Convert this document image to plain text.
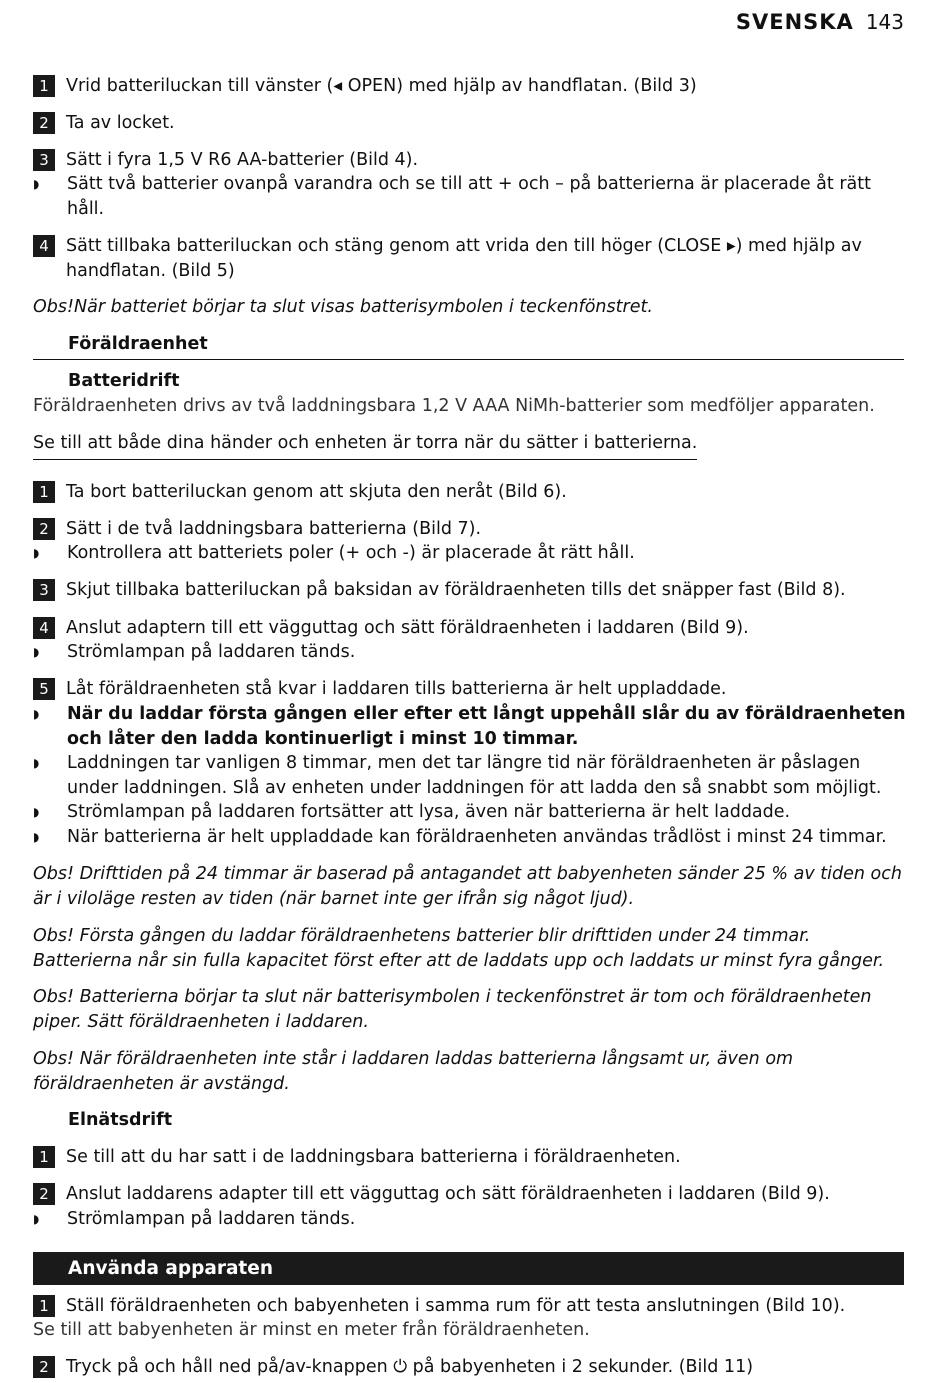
SVENSKA 143
1 Vrid batteriluckan till vänster (◂ OPEN) med hjälp av handflatan. (Bild 3)
2 Ta av locket.
3 Sätt i fyra 1,5 V R6 AA-batterier (Bild 4).
◗	Sätt två batterier ovanpå varandra och se till att + och – på batterierna är placerade åt rätt håll.
4 Sätt tillbaka batteriluckan och stäng genom att vrida den till höger (CLOSE ▸) med hjälp av handflatan. (Bild 5)
Obs!När batteriet börjar ta slut visas batterisymbolen i teckenfönstret.
Föräldraenhet
Batteridrift
Föräldraenheten drivs av två laddningsbara 1,2 V AAA NiMh-batterier som medföljer apparaten.
Se till att både dina händer och enheten är torra när du sätter i batterierna.
1 Ta bort batteriluckan genom att skjuta den neråt (Bild 6).
2 Sätt i de två laddningsbara batterierna (Bild 7).
◗	Kontrollera att batteriets poler (+ och -) är placerade åt rätt håll.
3 Skjut tillbaka batteriluckan på baksidan av föräldraenheten tills det snäpper fast (Bild 8).
4 Anslut adaptern till ett vägguttag och sätt föräldraenheten i laddaren (Bild 9).
◗	Strömlampan på laddaren tänds.
5 Låt föräldraenheten stå kvar i laddaren tills batterierna är helt uppladdade.
◗	När du laddar första gången eller efter ett långt uppehåll slår du av föräldraenheten och låter den ladda kontinuerligt i minst 10 timmar.
◗	Laddningen tar vanligen 8 timmar, men det tar längre tid när föräldraenheten är påslagen under laddningen. Slå av enheten under laddningen för att ladda den så snabbt som möjligt.
◗	Strömlampan på laddaren fortsätter att lysa, även när batterierna är helt laddade.
◗	När batterierna är helt uppladdade kan föräldraenheten användas trådlöst i minst 24 timmar.
Obs! Drifttiden på 24 timmar är baserad på antagandet att babyenheten sänder 25 % av tiden och är i viloläge resten av tiden (när barnet inte ger ifrån sig något ljud).
Obs! Första gången du laddar föräldraenhetens batterier blir drifttiden under 24 timmar. Batterierna når sin fulla kapacitet först efter att de laddats upp och laddats ur minst fyra gånger.
Obs! Batterierna börjar ta slut när batterisymbolen i teckenfönstret är tom och föräldraenheten piper. Sätt föräldraenheten i laddaren.
Obs! När föräldraenheten inte står i laddaren laddas batterierna långsamt ur, även om föräldraenheten är avstängd.
Elnätsdrift
1 Se till att du har satt i de laddningsbara batterierna i föräldraenheten.
2 Anslut laddarens adapter till ett vägguttag och sätt föräldraenheten i laddaren (Bild 9).
◗	Strömlampan på laddaren tänds.
Använda apparaten
1 Ställ föräldraenheten och babyenheten i samma rum för att testa anslutningen (Bild 10).
Se till att babyenheten är minst en meter från föräldraenheten.
2 Tryck på och håll ned på/av-knappen ⏻ på babyenheten i 2 sekunder. (Bild 11)
